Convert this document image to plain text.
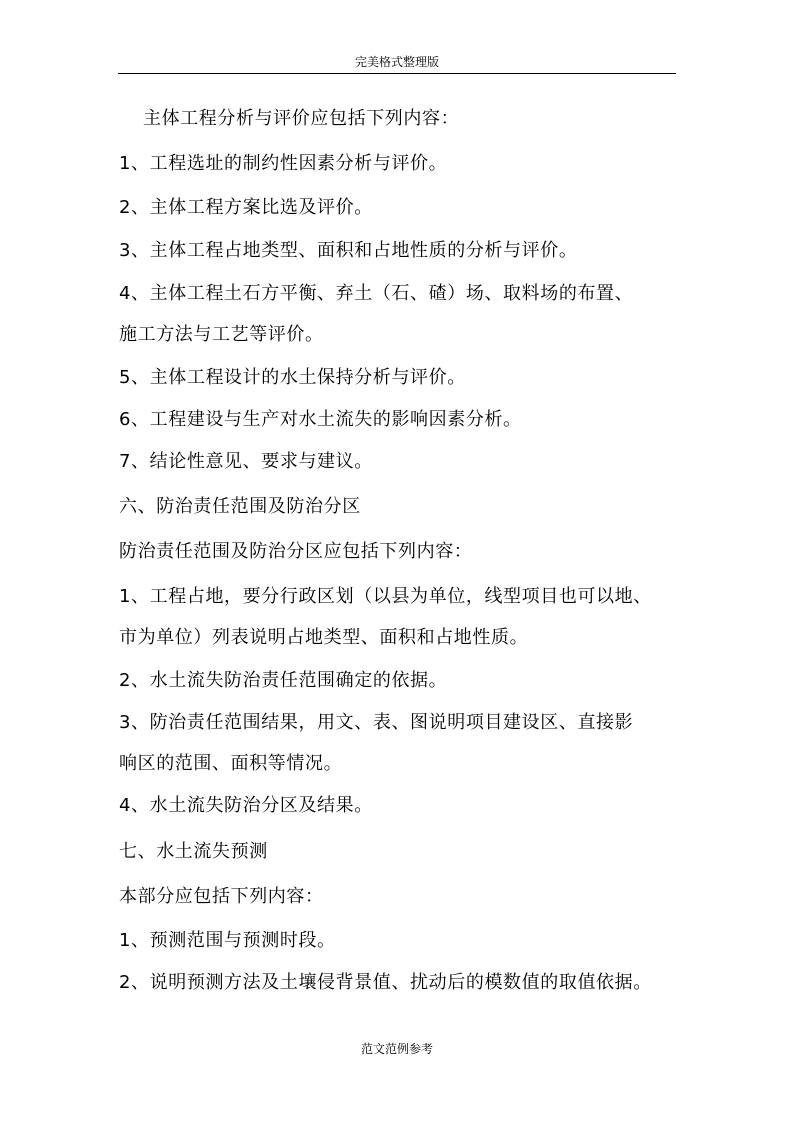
完美格式整理版

主体工程分析与评价应包括下列内容：

1、工程选址的制约性因素分析与评价。

2、主体工程方案比选及评价。

3、主体工程占地类型、面积和占地性质的分析与评价。

4、主体工程土石方平衡、弃土（石、碴）场、取料场的布置、

施工方法与工艺等评价。

5、主体工程设计的水土保持分析与评价。

6、工程建设与生产对水土流失的影响因素分析。

7、结论性意见、要求与建议。

六、防治责任范围及防治分区

防治责任范围及防治分区应包括下列内容：

1、工程占地，要分行政区划（以县为单位，线型项目也可以地、

市为单位）列表说明占地类型、面积和占地性质。

2、水土流失防治责任范围确定的依据。

3、防治责任范围结果，用文、表、图说明项目建设区、直接影

响区的范围、面积等情况。

4、水土流失防治分区及结果。

七、水土流失预测

本部分应包括下列内容：

1、预测范围与预测时段。

2、说明预测方法及土壤侵背景值、扰动后的模数值的取值依据。

范文范例参考
